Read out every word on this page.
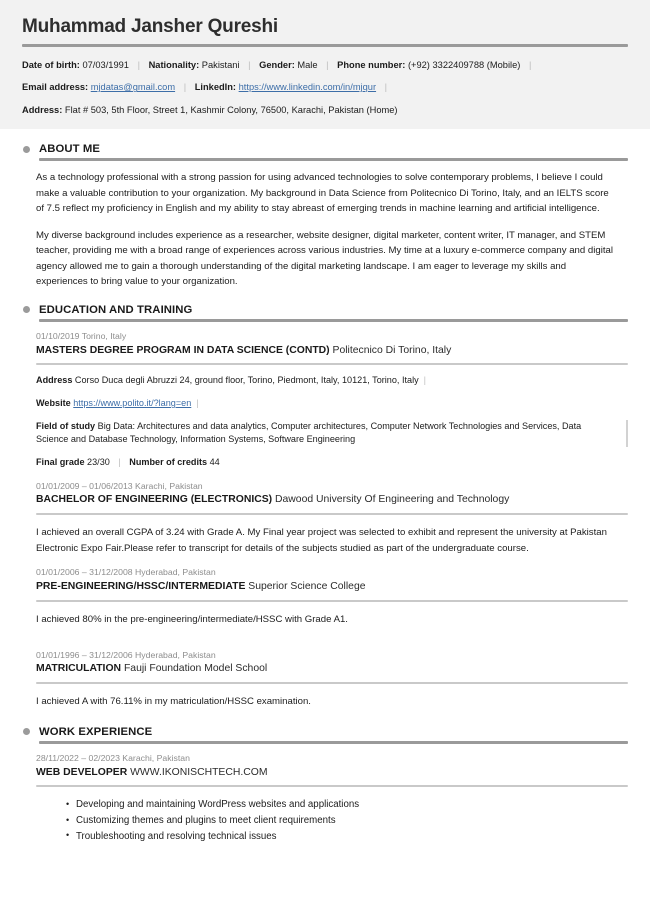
Muhammad Jansher Qureshi
Date of birth: 07/03/1991 | Nationality: Pakistani | Gender: Male | Phone number: (+92) 3322409788 (Mobile) |
Email address: mjdatas@gmail.com | LinkedIn: https://www.linkedin.com/in/mjqur |
Address: Flat # 503, 5th Floor, Street 1, Kashmir Colony, 76500, Karachi, Pakistan (Home)
ABOUT ME

As a technology professional with a strong passion for using advanced technologies to solve contemporary problems, I believe I could make a valuable contribution to your organization. My background in Data Science from Politecnico Di Torino, Italy, and an IELTS score of 7.5 reflect my proficiency in English and my ability to stay abreast of emerging trends in machine learning and artificial intelligence.

My diverse background includes experience as a researcher, website designer, digital marketer, content writer, IT manager, and STEM teacher, providing me with a broad range of experiences across various industries. My time at a luxury e-commerce company and digital agency allowed me to gain a thorough understanding of the digital marketing landscape. I am eager to leverage my skills and experiences to bring value to your organization.

EDUCATION AND TRAINING
01/10/2019 Torino, Italy
MASTERS DEGREE PROGRAM IN DATA SCIENCE (CONTD) Politecnico Di Torino, Italy
Address Corso Duca degli Abruzzi 24, ground floor, Torino, Piedmont, Italy, 10121, Torino, Italy |
Website https://www.polito.it/?lang=en |
Field of study Big Data: Architectures and data analytics, Computer architectures, Computer Network Technologies and Services, Data Science and Database Technology, Information Systems, Software Engineering
Final grade 23/30 | Number of credits 44
01/01/2009 – 01/06/2013 Karachi, Pakistan
BACHELOR OF ENGINEERING (ELECTRONICS) Dawood University Of Engineering and Technology
I achieved an overall CGPA of 3.24 with Grade A. My Final year project was selected to exhibit and represent the university at Pakistan Electronic Expo Fair.Please refer to transcript for details of the subjects studied as part of the undergraduate course.
01/01/2006 – 31/12/2008 Hyderabad, Pakistan
PRE-ENGINEERING/HSSC/INTERMEDIATE Superior Science College
I achieved 80% in the pre-engineering/intermediate/HSSC with Grade A1.
01/01/1996 – 31/12/2006 Hyderabad, Pakistan
MATRICULATION Fauji Foundation Model School
I achieved A with 76.11% in my matriculation/HSSC examination.
WORK EXPERIENCE
28/11/2022 – 02/2023 Karachi, Pakistan
WEB DEVELOPER WWW.IKONISCHTECH.COM
• Developing and maintaining WordPress websites and applications
• Customizing themes and plugins to meet client requirements
• Troubleshooting and resolving technical issues
